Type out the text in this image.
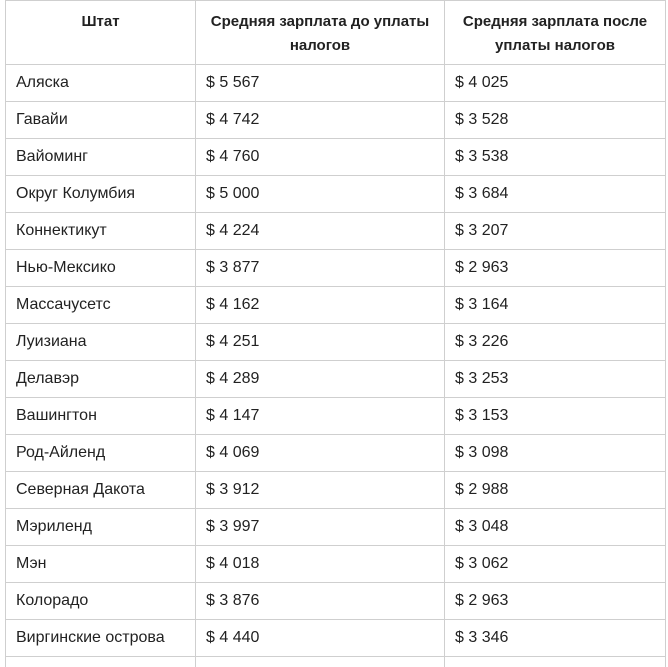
Штат	Средняя зарплата до уплаты налогов	Средняя зарплата после уплаты налогов
Аляска	$ 5 567	$ 4 025
Гавайи	$ 4 742	$ 3 528
Вайоминг	$ 4 760	$ 3 538
Округ Колумбия	$ 5 000	$ 3 684
Коннектикут	$ 4 224	$ 3 207
Нью-Мексико	$ 3 877	$ 2 963
Массачусетс	$ 4 162	$ 3 164
Луизиана	$ 4 251	$ 3 226
Делавэр	$ 4 289	$ 3 253
Вашингтон	$ 4 147	$ 3 153
Род-Айленд	$ 4 069	$ 3 098
Северная Дакота	$ 3 912	$ 2 988
Мэриленд	$ 3 997	$ 3 048
Мэн	$ 4 018	$ 3 062
Колорадо	$ 3 876	$ 2 963
Виргинские острова	$ 4 440	$ 3 346
